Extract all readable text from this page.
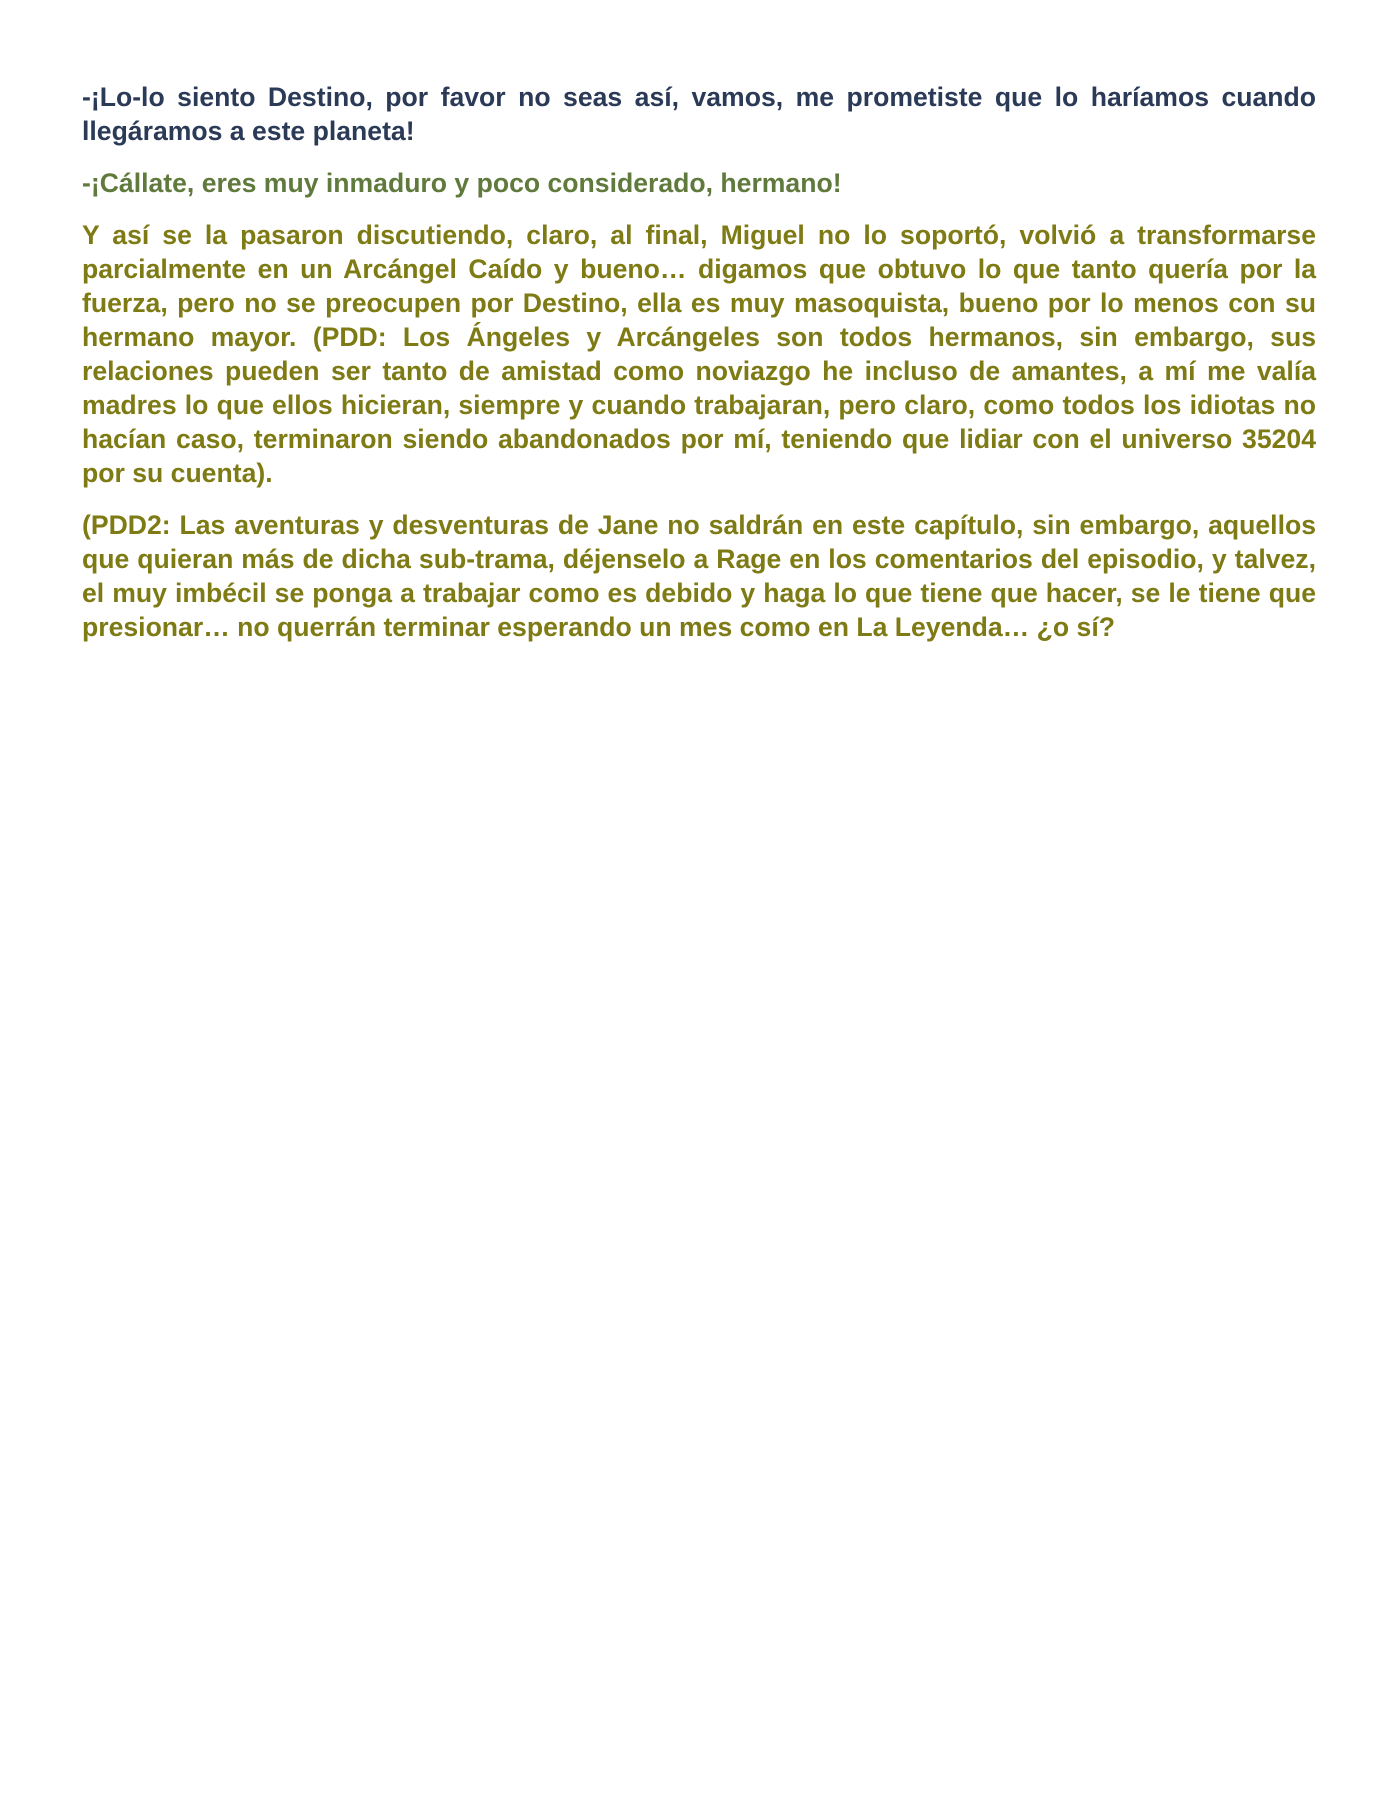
-¡Lo-lo siento Destino, por favor no seas así, vamos, me prometiste que lo haríamos cuando llegáramos a este planeta!

-¡Cállate, eres muy inmaduro y poco considerado, hermano!

Y así se la pasaron discutiendo, claro, al final, Miguel no lo soportó, volvió a transformarse parcialmente en un Arcángel Caído y bueno… digamos que obtuvo lo que tanto quería por la fuerza, pero no se preocupen por Destino, ella es muy masoquista, bueno por lo menos con su hermano mayor. (PDD: Los Ángeles y Arcángeles son todos hermanos, sin embargo, sus relaciones pueden ser tanto de amistad como noviazgo he incluso de amantes, a mí me valía madres lo que ellos hicieran, siempre y cuando trabajaran, pero claro, como todos los idiotas no hacían caso, terminaron siendo abandonados por mí, teniendo que lidiar con el universo 35204 por su cuenta).

(PDD2: Las aventuras y desventuras de Jane no saldrán en este capítulo, sin embargo, aquellos que quieran más de dicha sub-trama, déjenselo a Rage en los comentarios del episodio, y talvez, el muy imbécil se ponga a trabajar como es debido y haga lo que tiene que hacer, se le tiene que presionar… no querrán terminar esperando un mes como en La Leyenda… ¿o sí?
